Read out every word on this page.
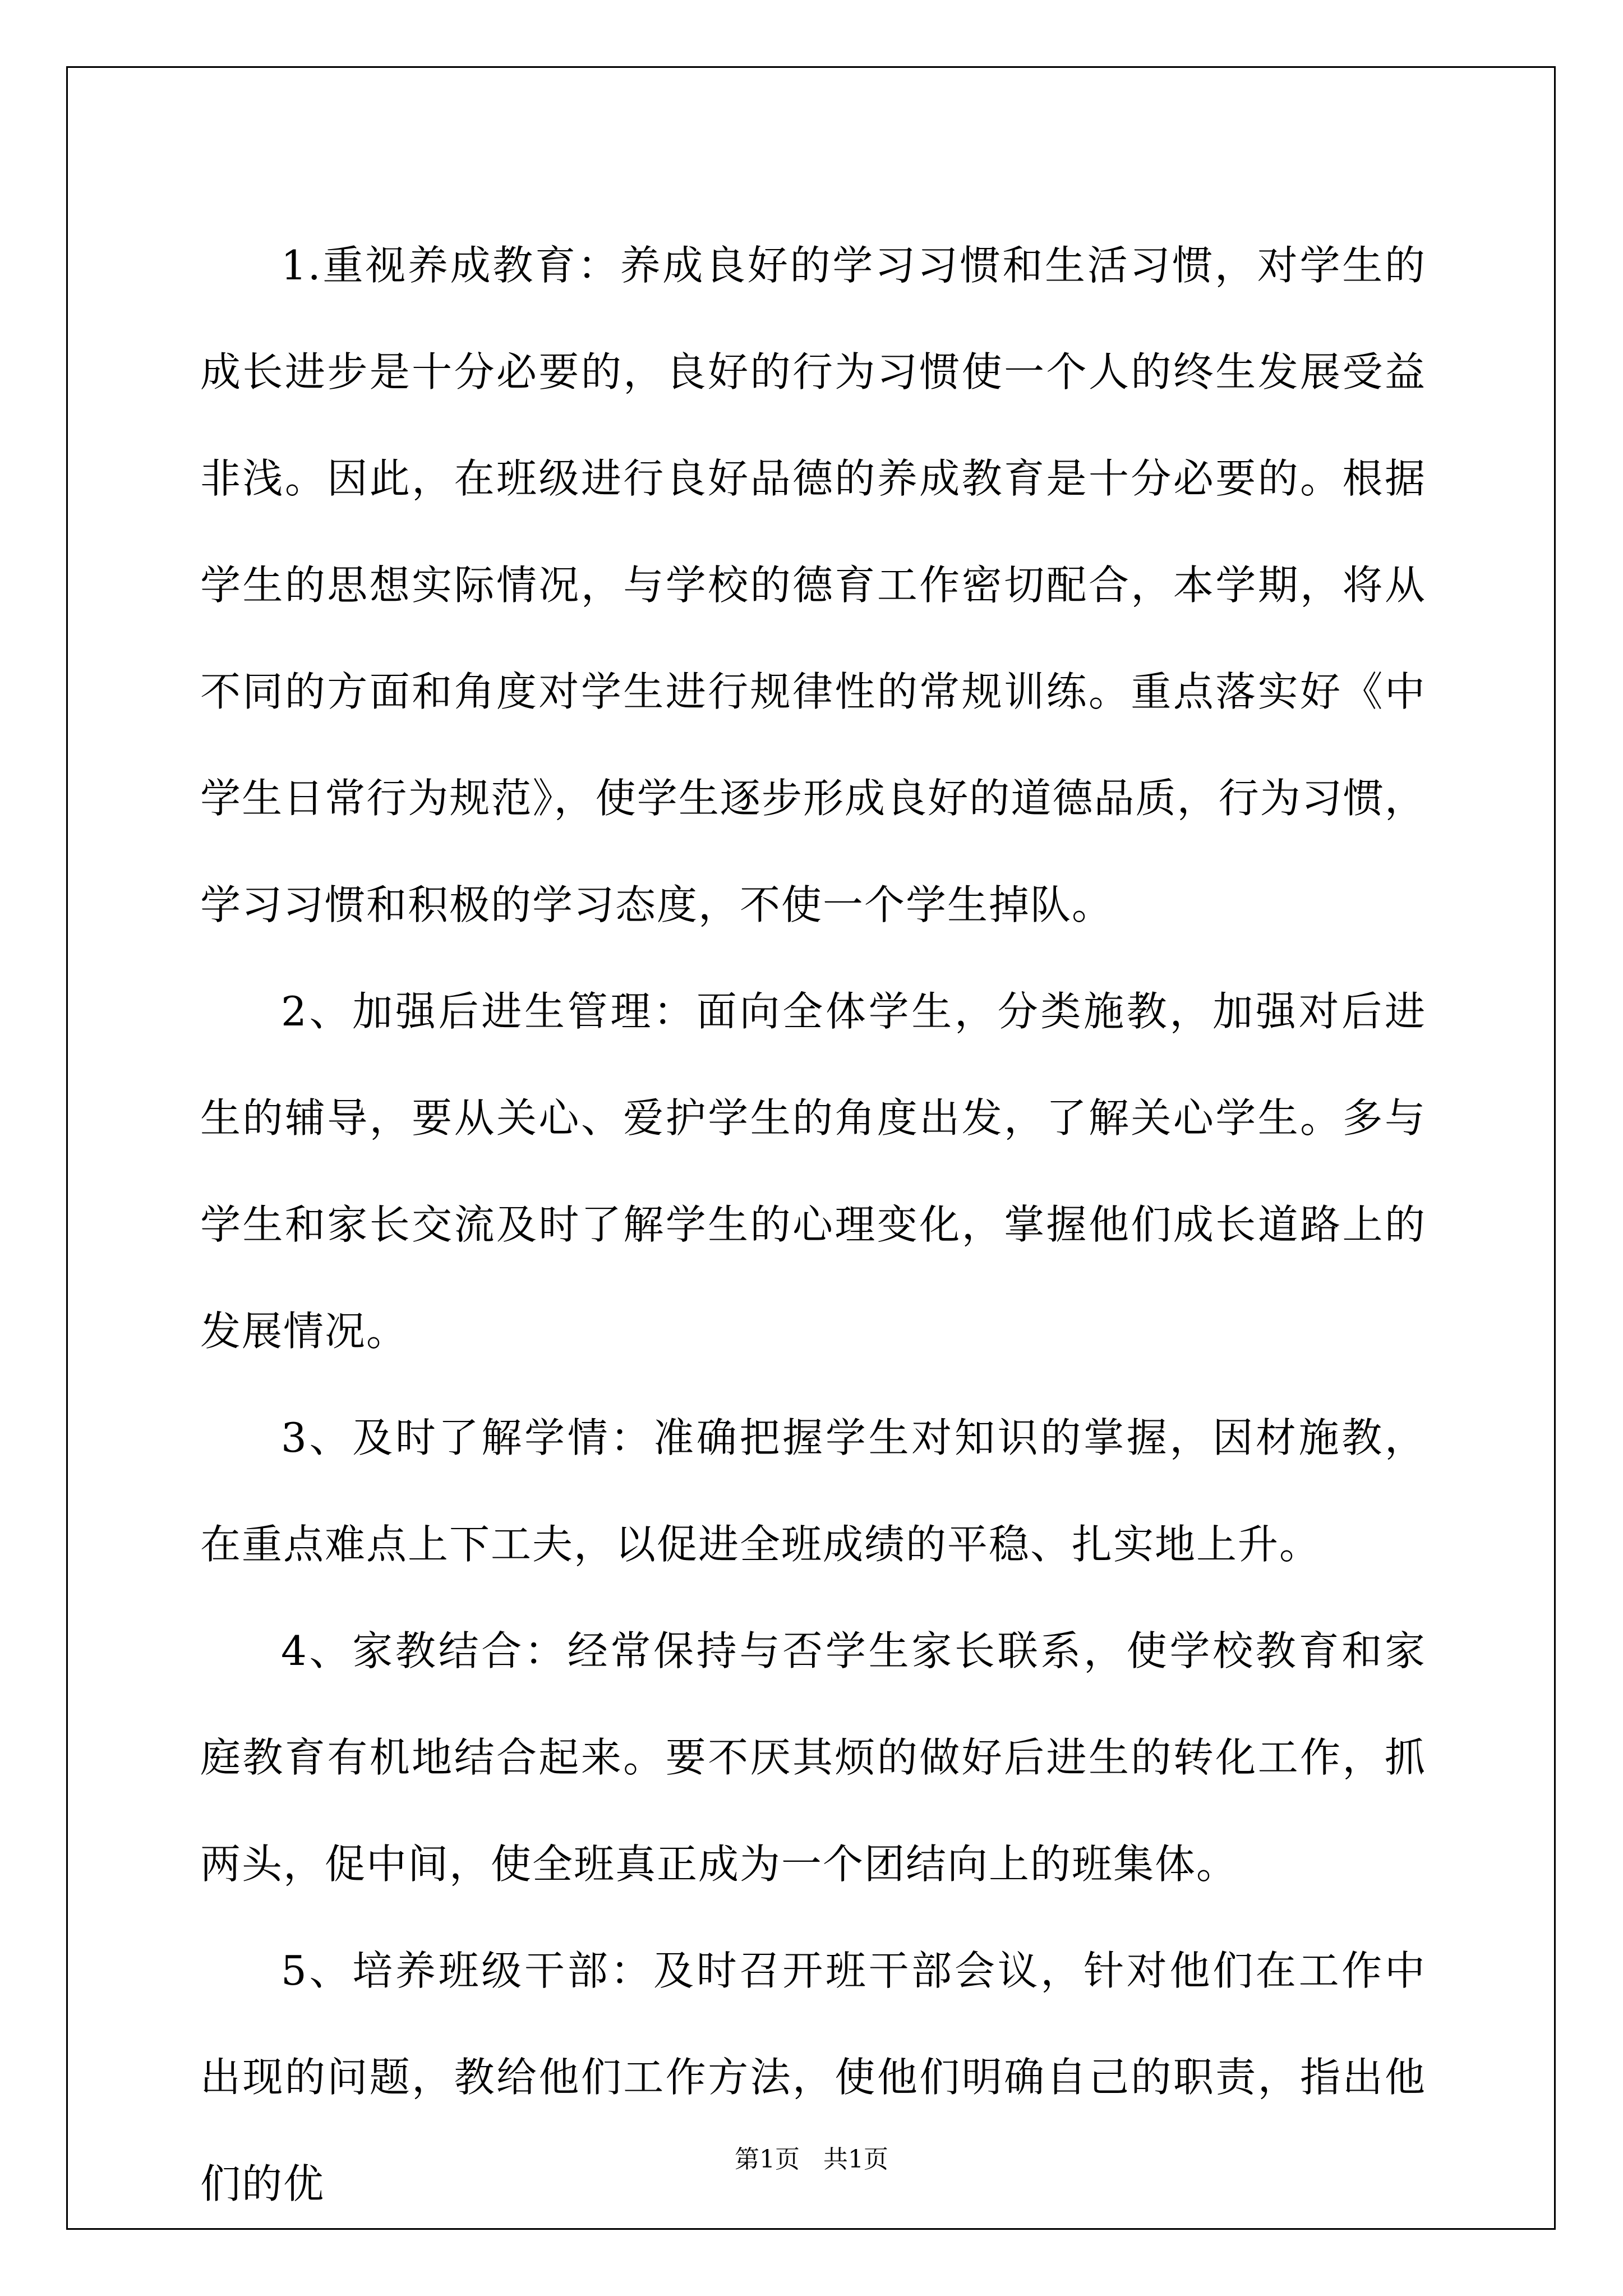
1.重视养成教育：养成良好的学习习惯和生活习惯，对学生的成长进步是十分必要的，良好的行为习惯使一个人的终生发展受益非浅。因此，在班级进行良好品德的养成教育是十分必要的。根据学生的思想实际情况，与学校的德育工作密切配合，本学期，将从不同的方面和角度对学生进行规律性的常规训练。重点落实好《中学生日常行为规范》，使学生逐步形成良好的道德品质，行为习惯，学习习惯和积极的学习态度，不使一个学生掉队。

2、加强后进生管理：面向全体学生，分类施教，加强对后进生的辅导，要从关心、爱护学生的角度出发，了解关心学生。多与学生和家长交流及时了解学生的心理变化，掌握他们成长道路上的发展情况。

3、及时了解学情：准确把握学生对知识的掌握，因材施教，在重点难点上下工夫，以促进全班成绩的平稳、扎实地上升。

4、家教结合：经常保持与否学生家长联系，使学校教育和家庭教育有机地结合起来。要不厌其烦的做好后进生的转化工作，抓两头，促中间，使全班真正成为一个团结向上的班集体。

5、培养班级干部：及时召开班干部会议，针对他们在工作中出现的问题，教给他们工作方法，使他们明确自己的职责，指出他们的优

第1页   共1页
